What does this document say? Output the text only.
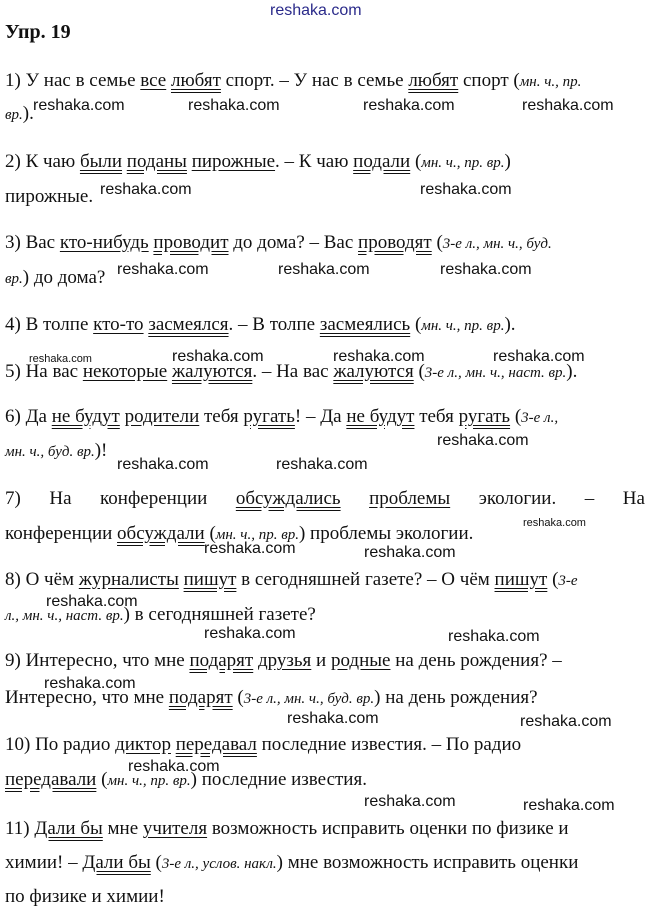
reshaka.com
Упр. 19
1) У нас в семье все любят спорт. – У нас в семье любят спорт (мн. ч., пр.
вр.).
2) К чаю были поданы пирожные. – К чаю подали (мн. ч., пр. вр.)
пирожные.
3) Вас кто-нибудь проводит до дома? – Вас проводят (3-е л., мн. ч., буд.
вр.) до дома?
4) В толпе кто-то засмеялся. – В толпе засмеялись (мн. ч., пр. вр.).
5) На вас некоторые жалуются. – На вас жалуются (3-е л., мн. ч., наст. вр.).
6) Да не будут родители тебя ругать! – Да не будут тебя ругать (3-е л.,
мн. ч., буд. вр.)!
7) На конференции обсуждались проблемы экологии. – На
конференции обсуждали (мн. ч., пр. вр.) проблемы экологии.
8) О чём журналисты пишут в сегодняшней газете? – О чём пишут (3-е
л., мн. ч., наст. вр.) в сегодняшней газете?
9) Интересно, что мне подарят друзья и родные на день рождения? –
Интересно, что мне подарят (3-е л., мн. ч., буд. вр.) на день рождения?
10) По радио диктор передавал последние известия. – По радио
передавали (мн. ч., пр. вр.) последние известия.
11) Дали бы мне учителя возможность исправить оценки по физике и
химии! – Дали бы (3-е л., услов. накл.) мне возможность исправить оценки
по физике и химии!
reshaka.com	reshaka.com	reshaka.com	reshaka.com
reshaka.com	reshaka.com
reshaka.com	reshaka.com	reshaka.com
reshaka.com	reshaka.com	reshaka.com	reshaka.com
reshaka.com
reshaka.com	reshaka.com
reshaka.com
reshaka.com	reshaka.com
reshaka.com
reshaka.com	reshaka.com
reshaka.com
reshaka.com	reshaka.com
reshaka.com
reshaka.com	reshaka.com
